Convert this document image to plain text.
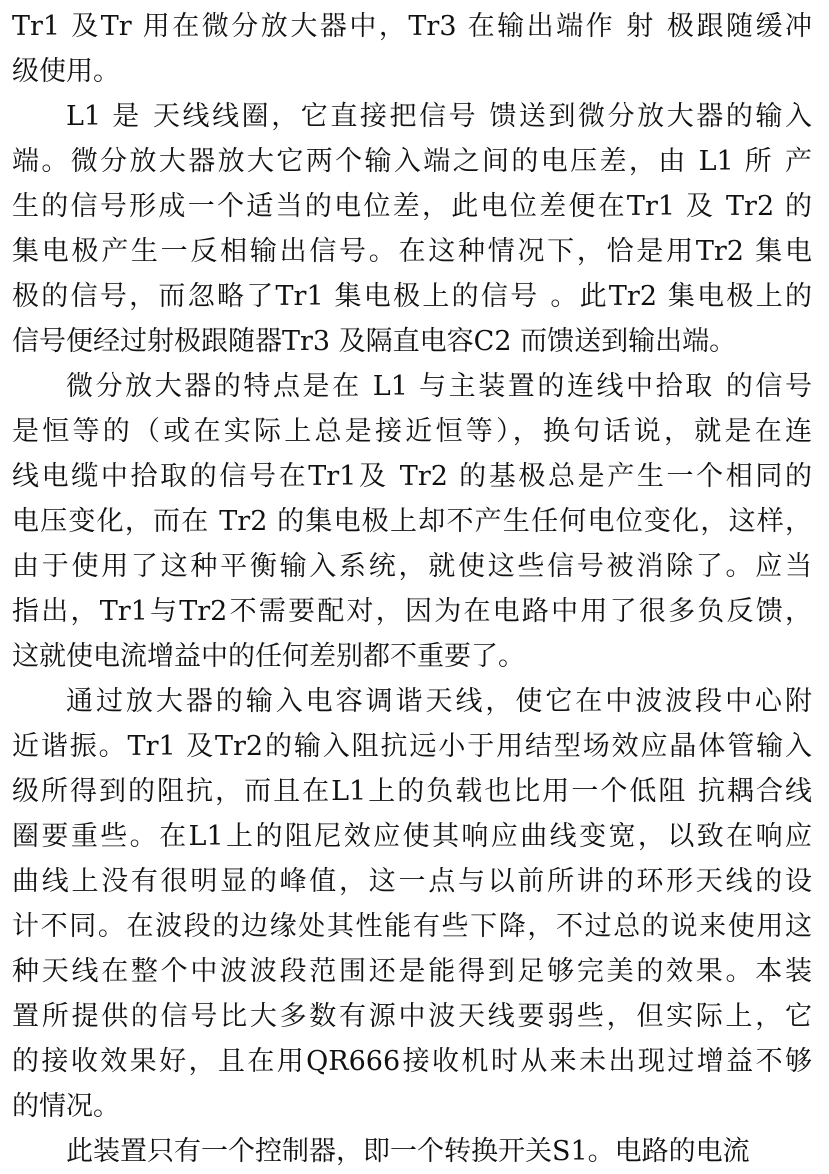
Tr1 及Tr 用在微分放大器中，Tr3 在输出端作 射 极跟随缓冲
级使用。
L1 是 天线线圈，它直接把信号 馈送到微分放大器的输入
端。微分放大器放大它两个输入端之间的电压差，由 L1 所 产
生的信号形成一个适当的电位差，此电位差便在Tr1 及 Tr2 的
集电极产生一反相输出信号。在这种情况下，恰是用Tr2 集电
极的信号，而忽略了Tr1 集电极上的信号 。此Tr2 集电极上的
信号便经过射极跟随器Tr3 及隔直电容C2 而馈送到输出端。
微分放大器的特点是在 L1 与主装置的连线中拾取 的信号
是恒等的（或在实际上总是接近恒等），换句话说，就是在连
线电缆中拾取的信号在Tr1及 Tr2 的基极总是产生一个相同的
电压变化，而在 Tr2 的集电极上却不产生任何电位变化，这样，
由于使用了这种平衡输入系统，就使这些信号被消除了。应当
指出，Tr1与Tr2不需要配对，因为在电路中用了很多负反馈，
这就使电流增益中的任何差别都不重要了。
通过放大器的输入电容调谐天线，使它在中波波段中心附
近谐振。Tr1 及Tr2的输入阻抗远小于用结型场效应晶体管输入
级所得到的阻抗，而且在L1上的负载也比用一个低阻 抗耦合线
圈要重些。在L1上的阻尼效应使其响应曲线变宽，以致在响应
曲线上没有很明显的峰值，这一点与以前所讲的环形天线的设
计不同。在波段的边缘处其性能有些下降，不过总的说来使用这
种天线在整个中波波段范围还是能得到足够完美的效果。本装
置所提供的信号比大多数有源中波天线要弱些，但实际上，它
的接收效果好，且在用QR666接收机时从来未出现过增益不够
的情况。
此装置只有一个控制器，即一个转换开关S1。电路的电流
